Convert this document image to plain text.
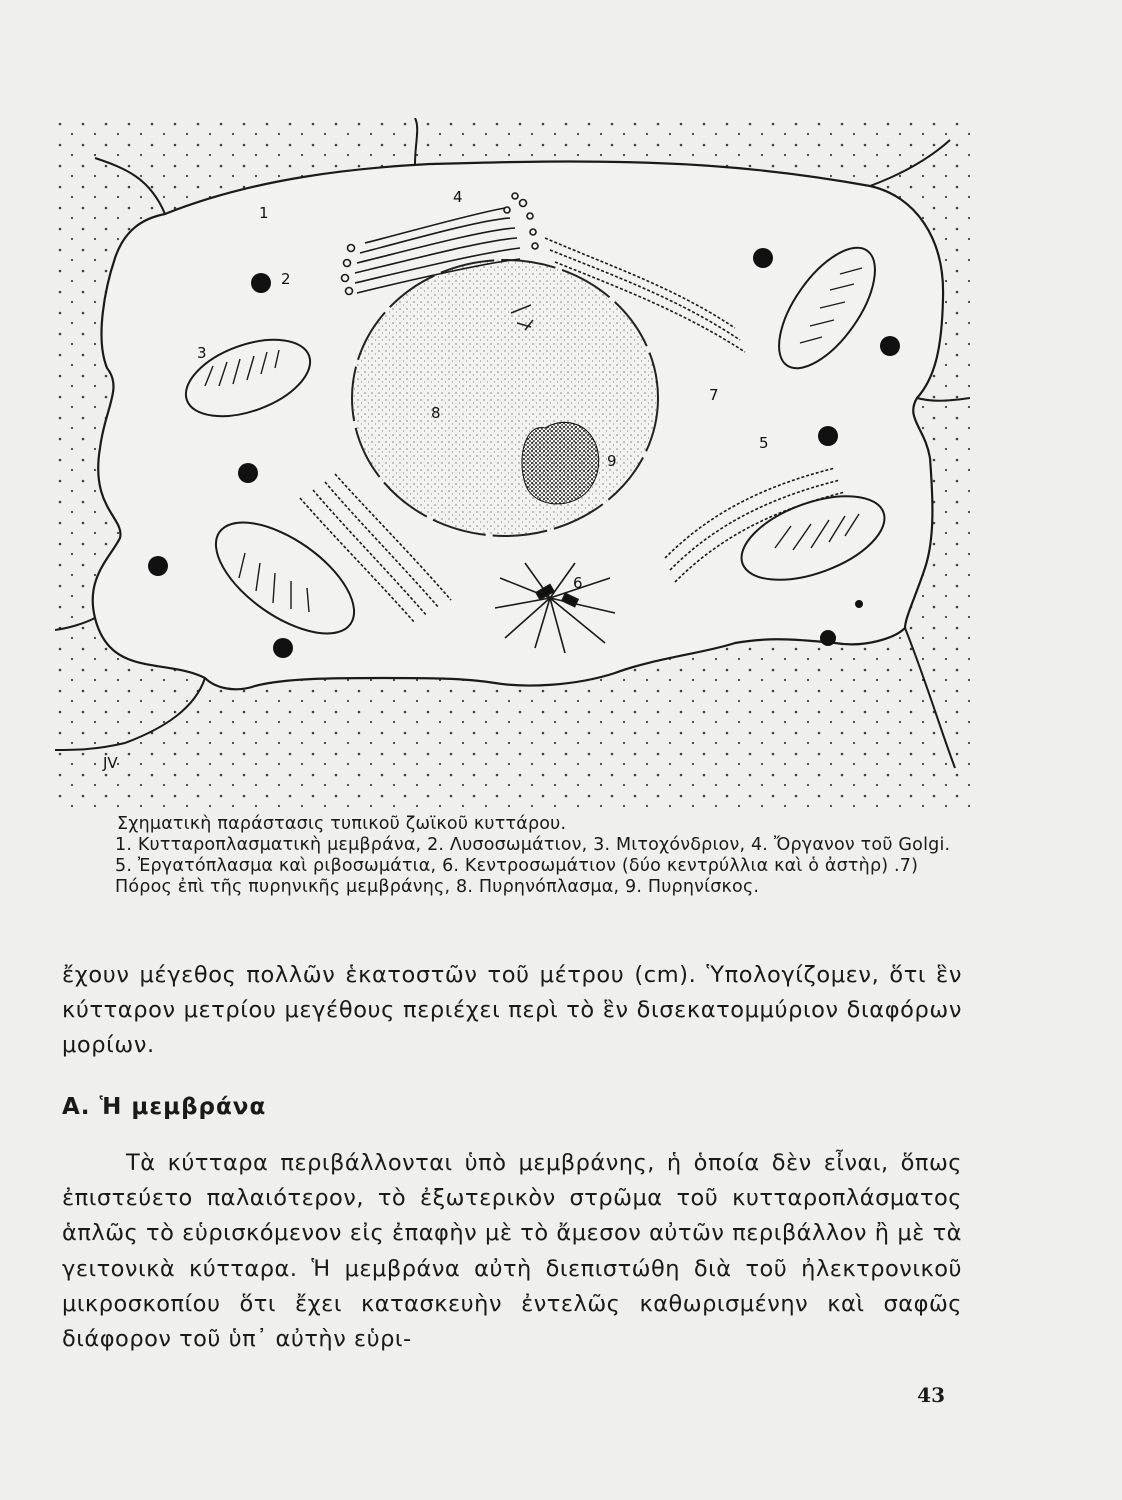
1
2
3
4
5
6
7
8
9
JV

Σχηματικὴ παράστασις τυπικοῦ ζωϊκοῦ κυττάρου.

1. Κυτταροπλασματικὴ μεμβράνα, 2. Λυσοσωμάτιον, 3. Μιτοχόνδριον, 4. Ὄργανον τοῦ Golgi. 5. Ἐργατόπλασμα καὶ ριβοσωμάτια, 6. Κεντροσωμάτιον (δύο κεντρύλλια καὶ ὁ ἀστὴρ) .7) Πόρος ἐπὶ τῆς πυρηνικῆς μεμβράνης, 8. Πυρηνόπλασμα, 9. Πυρηνίσκος.

ἔχουν μέγεθος πολλῶν ἑκατοστῶν τοῦ μέτρου (cm). Ὑπολογίζομεν, ὅτι ἓν κύτταρον μετρίου μεγέθους περιέχει περὶ τὸ ἓν δισεκατομμύριον διαφόρων μορίων.

Α. Ἡ μεμβράνα

Τὰ κύτταρα περιβάλλονται ὑπὸ μεμβράνης, ἡ ὁποία δὲν εἶναι, ὅπως ἐπιστεύετο παλαιότερον, τὸ ἐξωτερικὸν στρῶμα τοῦ κυτταροπλάσματος ἁπλῶς τὸ εὑρισκόμενον εἰς ἐπαφὴν μὲ τὸ ἄμεσον αὐτῶν περιβάλλον ἢ μὲ τὰ γειτονικὰ κύτταρα. Ἡ μεμβράνα αὐτὴ διεπιστώθη διὰ τοῦ ἠλεκτρονικοῦ μικροσκοπίου ὅτι ἔχει κατασκευὴν ἐντελῶς καθωρισμένην καὶ σαφῶς διάφορον τοῦ ὑπ᾽ αὐτὴν εὑρι-

43
